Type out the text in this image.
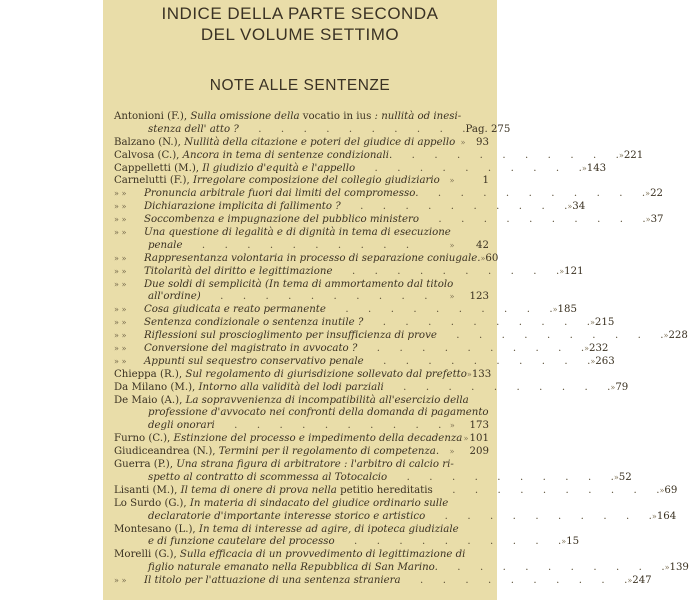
INDICE DELLA PARTE SECONDA
DEL VOLUME SETTIMO
NOTE ALLE SENTENZE
Antonioni (F.), Sulla omissione della vocatio in ius : nullità od inesi-
stenza dell' atto ? .      .      .      .      .      .      .      .      .      . Pag. 275
Balzano (N.), Nullità della citazione e poteri del giudice di appello »	93
Calvosa (C.), Ancora in tema di sentenze condizionali. .      .      .      .      .      .      .      .      .      . » 221
Cappelletti (M.), Il giudizio d'equità e l'appello .      .      .      .      .      .      .      .      .      . » 143
Carnelutti (F.), Irregolare composizione del collegio giudiziario	»	1
» » Pronuncia arbitrale fuori dai limiti del compromesso. .      .      .      .      .      .      .      .      .      . » 22
» » Dichiarazione implicita di fallimento ? .      .      .      .      .      .      .      .      .      . » 34
» » Soccombenza e impugnazione del pubblico ministero .      .      .      .      .      .      .      .      .      . » 37
» » Una questione di legalità e di dignità in tema di esecuzione
penale .      .      .      .      .      .      .      .      .      .	»	42
» » Rappresentanza volontaria in processo di separazione coniugale. » 60
» » Titolarità del diritto e legittimazione .      .      .      .      .      .      .      .      .      . » 121
» » Due soldi di semplicità (In tema di ammortamento dal titolo
all'ordine) .      .      .      .      .      .      .      .      .      .	»	123
» » Cosa giudicata e reato permanente .      .      .      .      .      .      .      .      .      . » 185
» » Sentenza condizionale o sentenza inutile ? .      .      .      .      .      .      .      .      .      . » 215
» » Riflessioni sul proscioglimento per insufficienza di prove .      .      .      .      .      .      .      .      .      . » 228
» » Conversione del magistrato in avvocato ? .      .      .      .      .      .      .      .      .      . » 232
» » Appunti sul sequestro conservativo penale .      .      .      .      .      .      .      .      .      . » 263
Chieppa (R.), Sul regolamento di giurisdizione sollevato dal prefetto » 133
Da Milano (M.), Intorno alla validità del lodi parziali .      .      .      .      .      .      .      .      .      . » 79
De Maio (A.), La sopravvenienza di incompatibilità all'esercizio della
professione d'avvocato nei confronti della domanda di pagamento
degli onorari .      .      .      .      .      .      .      .      .      .	»	173
Furno (C.), Estinzione del processo e impedimento della decadenza » 101
Giudiceandrea (N.), Termini per il regolamento di competenza.	»	209
Guerra (P.), Una strana figura di arbitratore : l'arbitro di calcio ri-
spetto al contratto di scommessa al Totocalcio .      .      .      .      .      .      .      .      .      . » 52
Lisanti (M.), Il tema di onere di prova nella petitio hereditatis .      .      .      .      .      .      .      .      .      . » 69
Lo Surdo (G.), In materia di sindacato del giudice ordinario sulle
declaratorie d'importante interesse storico e artistico .      .      .      .      .      .      .      .      .      . » 164
Montesano (L.), In tema di interesse ad agire, di ipoteca giudiziale
e di funzione cautelare del processo .      .      .      .      .      .      .      .      .      . » 15
Morelli (G.), Sulla efficacia di un provvedimento di legittimazione di
figlio naturale emanato nella Repubblica di San Marino. .      .      .      .      .      .      .      .      .      . » 139
» » Il titolo per l'attuazione di una sentenza straniera .      .      .      .      .      .      .      .      .      . » 247
